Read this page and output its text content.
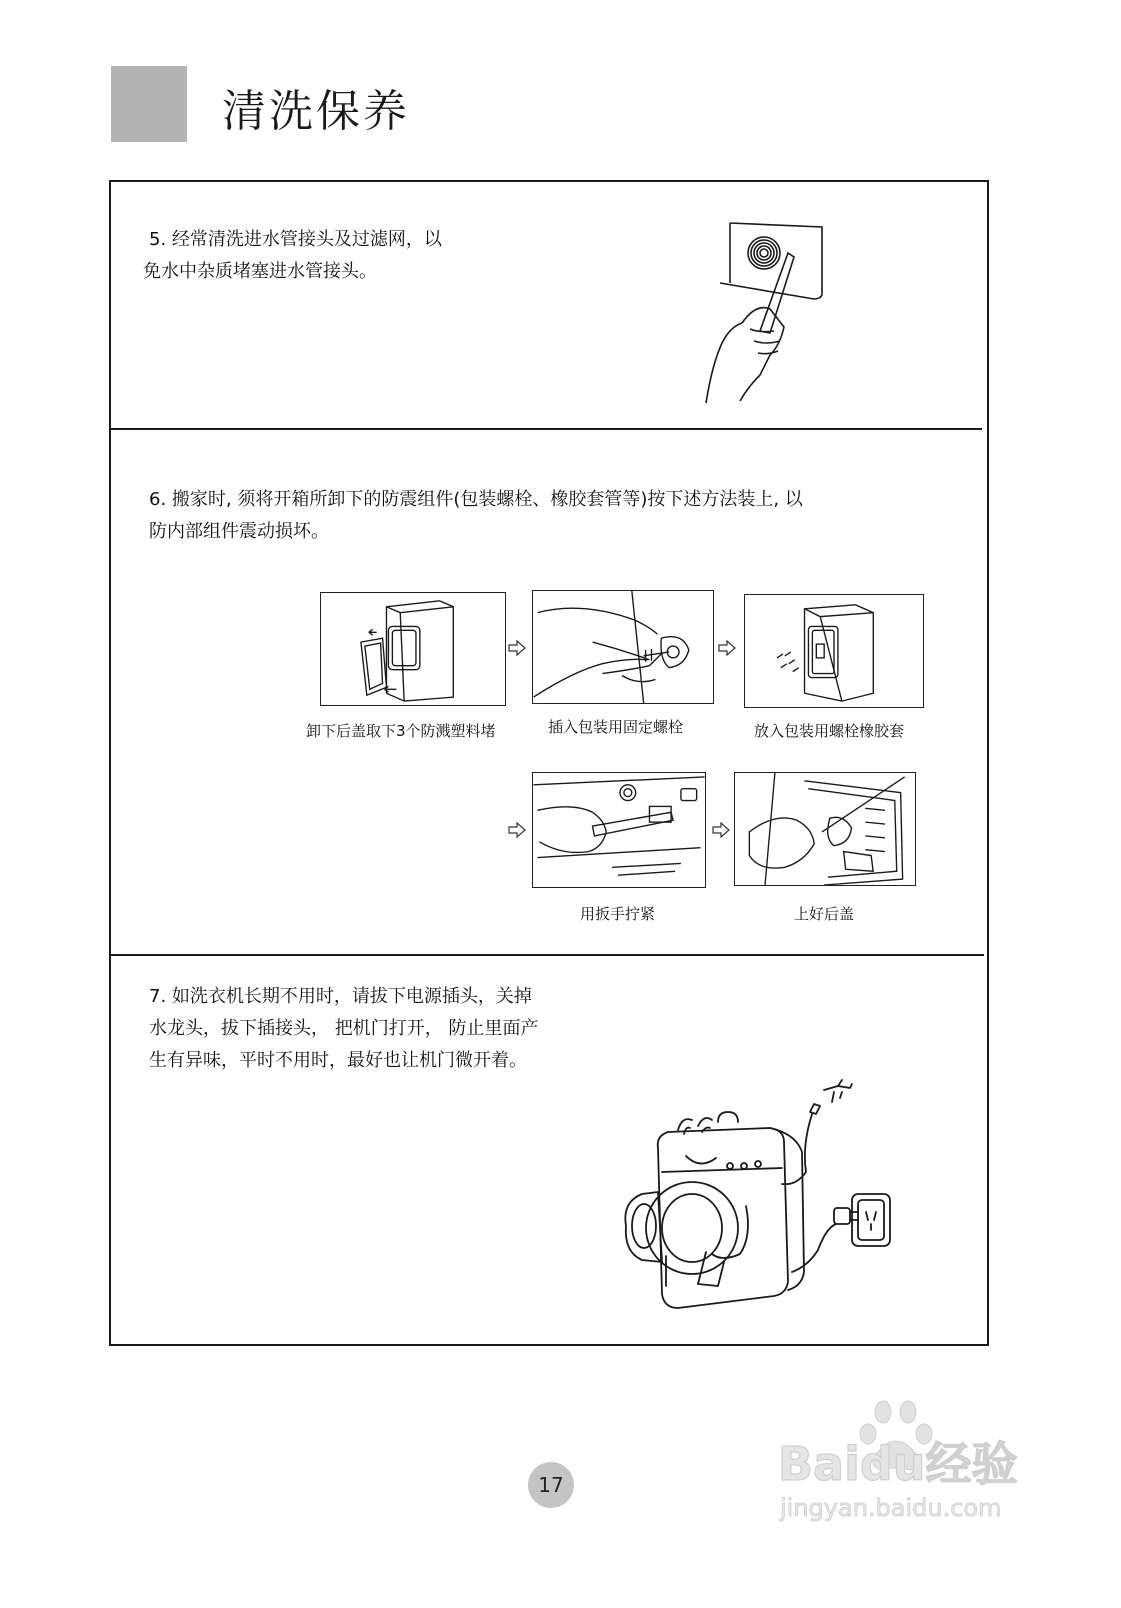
清洗保养
5. 经常清洗进水管接头及过滤网，以
免水中杂质堵塞进水管接头。
6. 搬家时, 须将开箱所卸下的防震组件(包装螺栓、橡胶套管等)按下述方法装上, 以
防内部组件震动损坏。
卸下后盖取下3个防溅塑料堵	插入包装用固定螺栓	放入包装用螺栓橡胶套
用扳手拧紧	上好后盖
7. 如洗衣机长期不用时，请拔下电源插头，关掉
水龙头，拔下插接头， 把机门打开， 防止里面产
生有异味，平时不用时，最好也让机门微开着。
17	Baidu经验
jingyan.baidu.com
